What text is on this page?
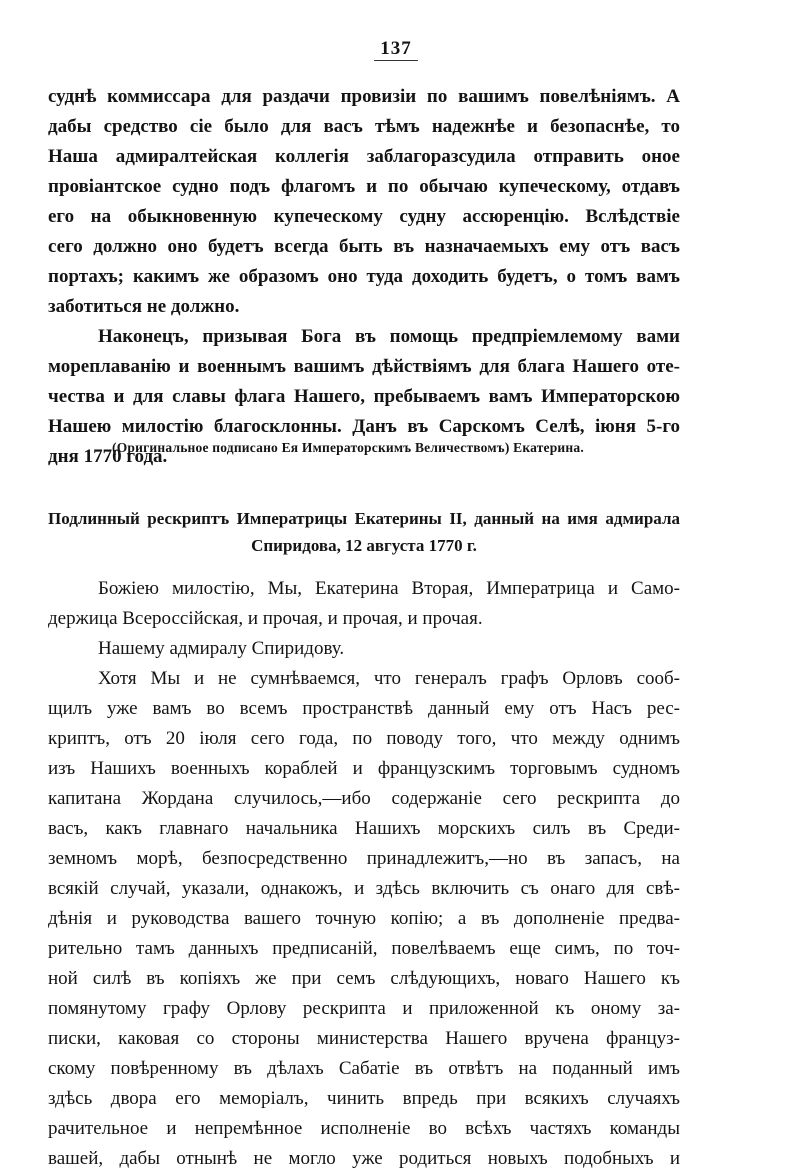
137
суднѣ коммиссара для раздачи провизіи по вашимъ повелѣніямъ. А
дабы средство сіе было для васъ тѣмъ надежнѣе и безопаснѣе, то
Наша адмиралтейская коллегія заблагоразсудила отправить оное
провіантское судно подъ флагомъ и по обычаю купеческому, отдавъ
его на обыкновенную купеческому судну ассюренцію. Вслѣдствіе
сего должно оно будетъ всегда быть въ назначаемыхъ ему отъ васъ
портахъ; какимъ же образомъ оно туда доходить будетъ, о томъ вамъ
заботиться не должно.
Наконецъ, призывая Бога въ помощь предпріемлемому вами
мореплаванію и военнымъ вашимъ дѣйствіямъ для блага Нашего оте-
чества и для славы флага Нашего, пребываемъ вамъ Императорскою
Нашею милостію благосклонны. Данъ въ Сарскомъ Селѣ, іюня 5-го
дня 1770 года.
(Оригинальное подписано Ея Императорскимъ Величествомъ) Екатерина.
Подлинный рескриптъ Императрицы Екатерины II, данный на имя адмирала
Спиридова, 12 августа 1770 г.
Божіею милостію, Мы, Екатерина Вторая, Императрица и Само-
держица Всероссійская, и прочая, и прочая, и прочая.
Нашему адмиралу Спиридову.
Хотя Мы и не сумнѣваемся, что генералъ графъ Орловъ сооб-
щилъ уже вамъ во всемъ пространствѣ данный ему отъ Насъ рес-
криптъ, отъ 20 іюля сего года, по поводу того, что между однимъ
изъ Нашихъ военныхъ кораблей и французскимъ торговымъ судномъ
капитана Жордана случилось,—ибо содержаніе сего рескрипта до
васъ, какъ главнаго начальника Нашихъ морскихъ силъ въ Среди-
земномъ морѣ, безпосредственно принадлежитъ,—но въ запасъ, на
всякій случай, указали, однакожъ, и здѣсь включить съ онаго для свѣ-
дѣнія и руководства вашего точную копію; а въ дополненіе предва-
рительно тамъ данныхъ предписаній, повелѣваемъ еще симъ, по точ-
ной силѣ въ копіяхъ же при семъ слѣдующихъ, новаго Нашего къ
помянутому графу Орлову рескрипта и приложенной къ оному за-
писки, каковая со стороны министерства Нашего вручена француз-
скому повѣренному въ дѣлахъ Сабатіе въ отвѣтъ на поданный имъ
здѣсь двора его меморіалъ, чинить впредь при всякихъ случаяхъ
рачительное и непремѣнное исполненіе во всѣхъ частяхъ команды
вашей, дабы отнынѣ не могло уже родиться новыхъ подобныхъ и
